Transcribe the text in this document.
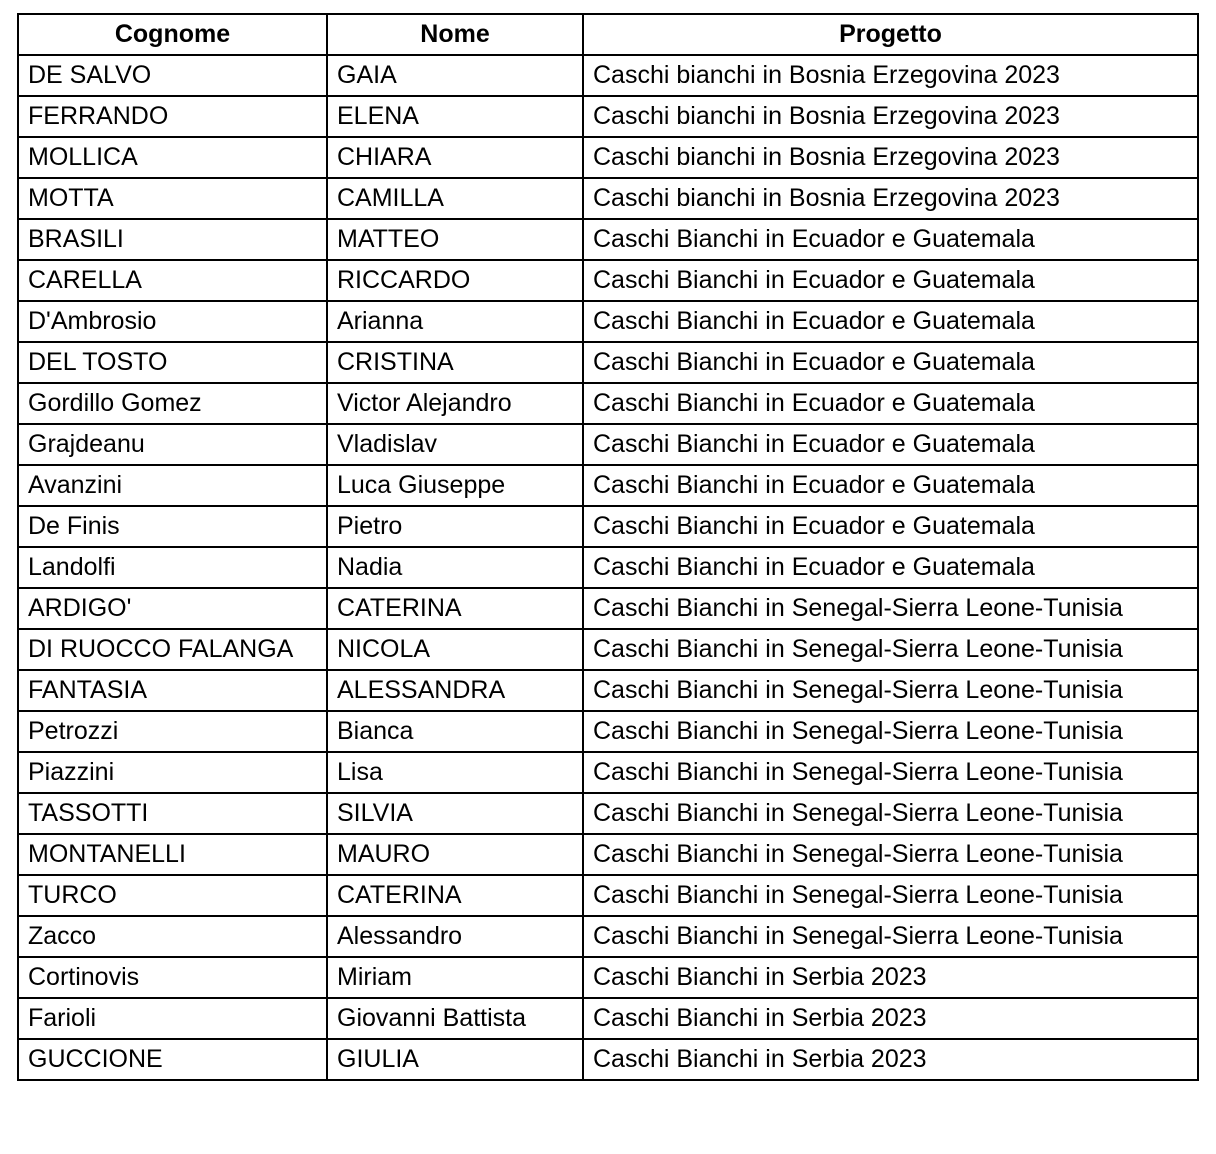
Cognome	Nome	Progetto
DE SALVO	GAIA	Caschi bianchi in Bosnia Erzegovina 2023
FERRANDO	ELENA	Caschi bianchi in Bosnia Erzegovina 2023
MOLLICA	CHIARA	Caschi bianchi in Bosnia Erzegovina 2023
MOTTA	CAMILLA	Caschi bianchi in Bosnia Erzegovina 2023
BRASILI	MATTEO	Caschi Bianchi in Ecuador e Guatemala
CARELLA	RICCARDO	Caschi Bianchi in Ecuador e Guatemala
D'Ambrosio	Arianna	Caschi Bianchi in Ecuador e Guatemala
DEL TOSTO	CRISTINA	Caschi Bianchi in Ecuador e Guatemala
Gordillo Gomez	Victor Alejandro	Caschi Bianchi in Ecuador e Guatemala
Grajdeanu	Vladislav	Caschi Bianchi in Ecuador e Guatemala
Avanzini	Luca Giuseppe	Caschi Bianchi in Ecuador e Guatemala
De Finis	Pietro	Caschi Bianchi in Ecuador e Guatemala
Landolfi	Nadia	Caschi Bianchi in Ecuador e Guatemala
ARDIGO'	CATERINA	Caschi Bianchi in Senegal-Sierra Leone-Tunisia
DI RUOCCO FALANGA	NICOLA	Caschi Bianchi in Senegal-Sierra Leone-Tunisia
FANTASIA	ALESSANDRA	Caschi Bianchi in Senegal-Sierra Leone-Tunisia
Petrozzi	Bianca	Caschi Bianchi in Senegal-Sierra Leone-Tunisia
Piazzini	Lisa	Caschi Bianchi in Senegal-Sierra Leone-Tunisia
TASSOTTI	SILVIA	Caschi Bianchi in Senegal-Sierra Leone-Tunisia
MONTANELLI	MAURO	Caschi Bianchi in Senegal-Sierra Leone-Tunisia
TURCO	CATERINA	Caschi Bianchi in Senegal-Sierra Leone-Tunisia
Zacco	Alessandro	Caschi Bianchi in Senegal-Sierra Leone-Tunisia
Cortinovis	Miriam	Caschi Bianchi in Serbia 2023
Farioli	Giovanni Battista	Caschi Bianchi in Serbia 2023
GUCCIONE	GIULIA	Caschi Bianchi in Serbia 2023
